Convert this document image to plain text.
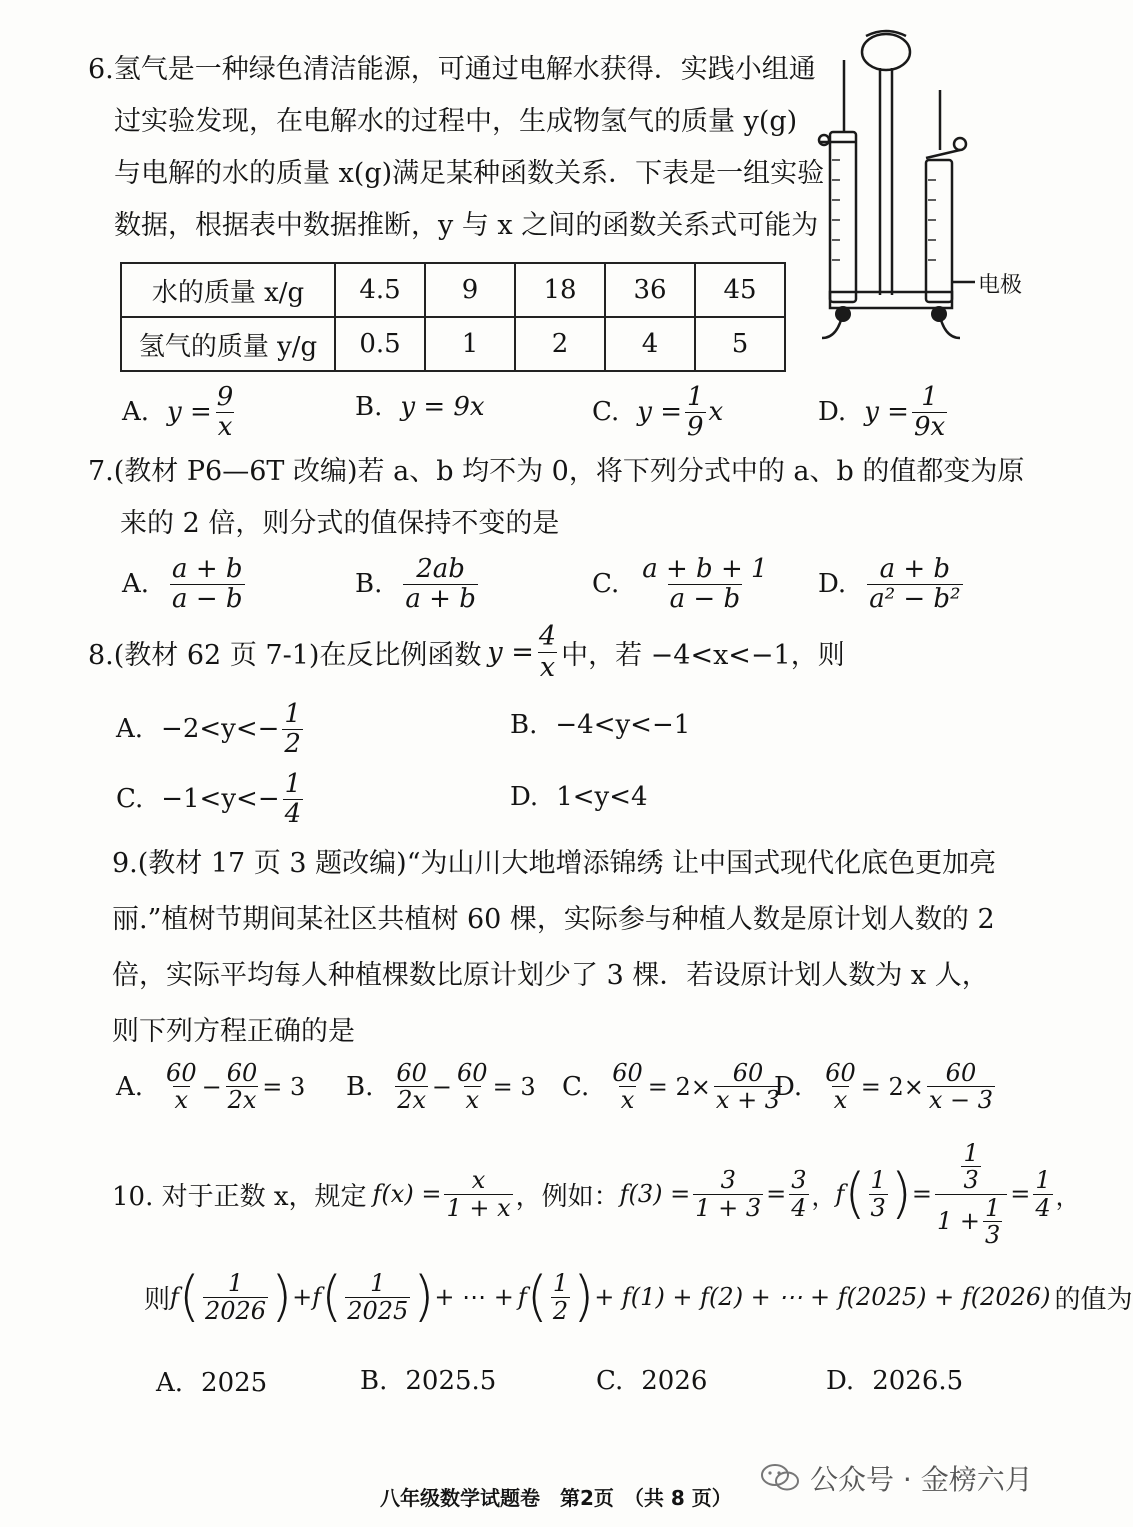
6.氢气是一种绿色清洁能源，可通过电解水获得．实践小组通
过实验发现，在电解水的过程中，生成物氢气的质量 y(g)
与电解的水的质量 x(g)满足某种函数关系．下表是一组实验
数据，根据表中数据推断，y 与 x 之间的函数关系式可能为
电极
水的质量 x/g	4.5	9	18	36	45
氢气的质量 y/g	0.5	1	2	4	5
A. $y = \frac{9}{x}$	B. y = 9x	C. $y = \frac{1}{9}$ x	D. $y = \frac{1}{9x}$
7.(教材 P6—6T 改编)若 a、b 均不为 0，将下列分式中的 a、b 的值都变为原
来的 2 倍，则分式的值保持不变的是
A. $\frac{a + b}{a - b}$	B. $\frac{2ab}{a + b}$	C. $\frac{a + b + 1}{a - b} D$. $\frac{a + b}{\text{a² − b²}}$
8.(教材 62 页 7-1)在反比例函数 $y = \frac{4}{x}$ 中，若 −4<x<−1，则
A. $-2<y<- \frac{1}{2}$	B. −4<y<−1
C. $-1<y<- \frac{1}{4}$	D. 1<y<4
9.(教材 17 页 3 题改编)“为山川大地增添锦绣 让中国式现代化底色更加亮
丽.”植树节期间某社区共植树 60 棵，实际参与种植人数是原计划人数的 2
倍，实际平均每人种植棵数比原计划少了 3 棵．若设原计划人数为 x 人，
则下列方程正确的是
A. $\frac{60}{x} - \frac{60}{2x} = 3$ B. $\frac{60}{2x} - \frac{60}{x} = 3$ C. $\frac{60}{x} = 2\times \frac{60}{x + 3}$
D. $\frac{60}{x} = 2\times \frac{60}{x - 3}$
10. 对于正数 x，规定 $f(x) = \frac{x}{1 + x}$ ，例如： $f(3) = \frac{3}{1 + 3} = \frac{3}{4}$ ， f ( $\frac{1}{3}$ ) = $\frac{\frac{1}{3}}{1 + \frac{1}{3}} = \frac{1}{4}$ ，
则 f ( $\frac{1}{2026}$ ) + f ( $\frac{1}{2025}$ ) + ⋯ + f ( $\frac{1}{2}$ ) + f(1) + f(2) + ⋯ + f(2025) + f(2026) 的值为
A. 2025	B. 2025.5	C. 2026	D. 2026.5
公众号 · 金榜六月
八年级数学试题卷　第2页　（共 8 页）
